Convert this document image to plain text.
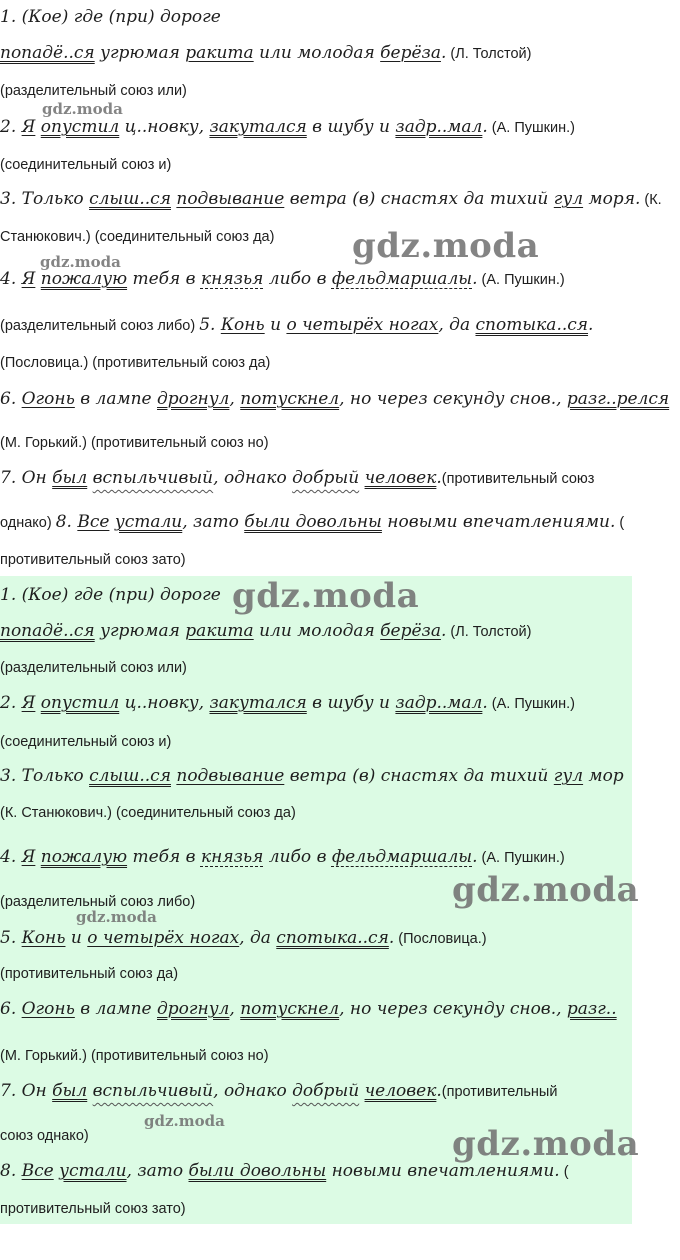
1. (Кое) где (при) дороге
попадё..ся угрюмая ракита или молодая берёза. (Л. Толстой)
(разделительный союз или)
2. Я опустил ц..новку, закутался в шубу и задр..мал. (А. Пушкин.)
(соединительный союз и)
3. Только слыш..ся подвывание ветра (в) снастях да тихий гул моря. (К.
Станюкович.) (соединительный союз да)
4. Я пожалую тебя в князья либо в фельдмаршалы. (А. Пушкин.)
(разделительный союз либо) 5. Конь и о четырёх ногах, да спотыка..ся.
(Пословица.) (противительный союз да)
6. Огонь в лампе дрогнул, потускнел, но через секунду снов., разг..релся
(М. Горький.) (противительный союз но)
7. Он был вспыльчивый, однако добрый человек.(противительный союз
однако) 8. Все устали, зато были довольны новыми впечатлениями. (
противительный союз зато)
1. (Кое) где (при) дороге
попадё..ся угрюмая ракита или молодая берёза. (Л. Толстой)
(разделительный союз или)
2. Я опустил ц..новку, закутался в шубу и задр..мал. (А. Пушкин.)
(соединительный союз и)
3. Только слыш..ся подвывание ветра (в) снастях да тихий гул мор
(К. Станюкович.) (соединительный союз да)
4. Я пожалую тебя в князья либо в фельдмаршалы. (А. Пушкин.)
(разделительный союз либо)
5. Конь и о четырёх ногах, да спотыка..ся. (Пословица.)
(противительный союз да)
6. Огонь в лампе дрогнул, потускнел, но через секунду снов., разг..
(М. Горький.) (противительный союз но)
7. Он был вспыльчивый, однако добрый человек.(противительный
союз однако)
8. Все устали, зато были довольны новыми впечатлениями. (
противительный союз зато)
gdz.moda
gdz.moda
gdz.moda
gdz.moda
gdz.moda
gdz.moda
gdz.moda
gdz.moda
